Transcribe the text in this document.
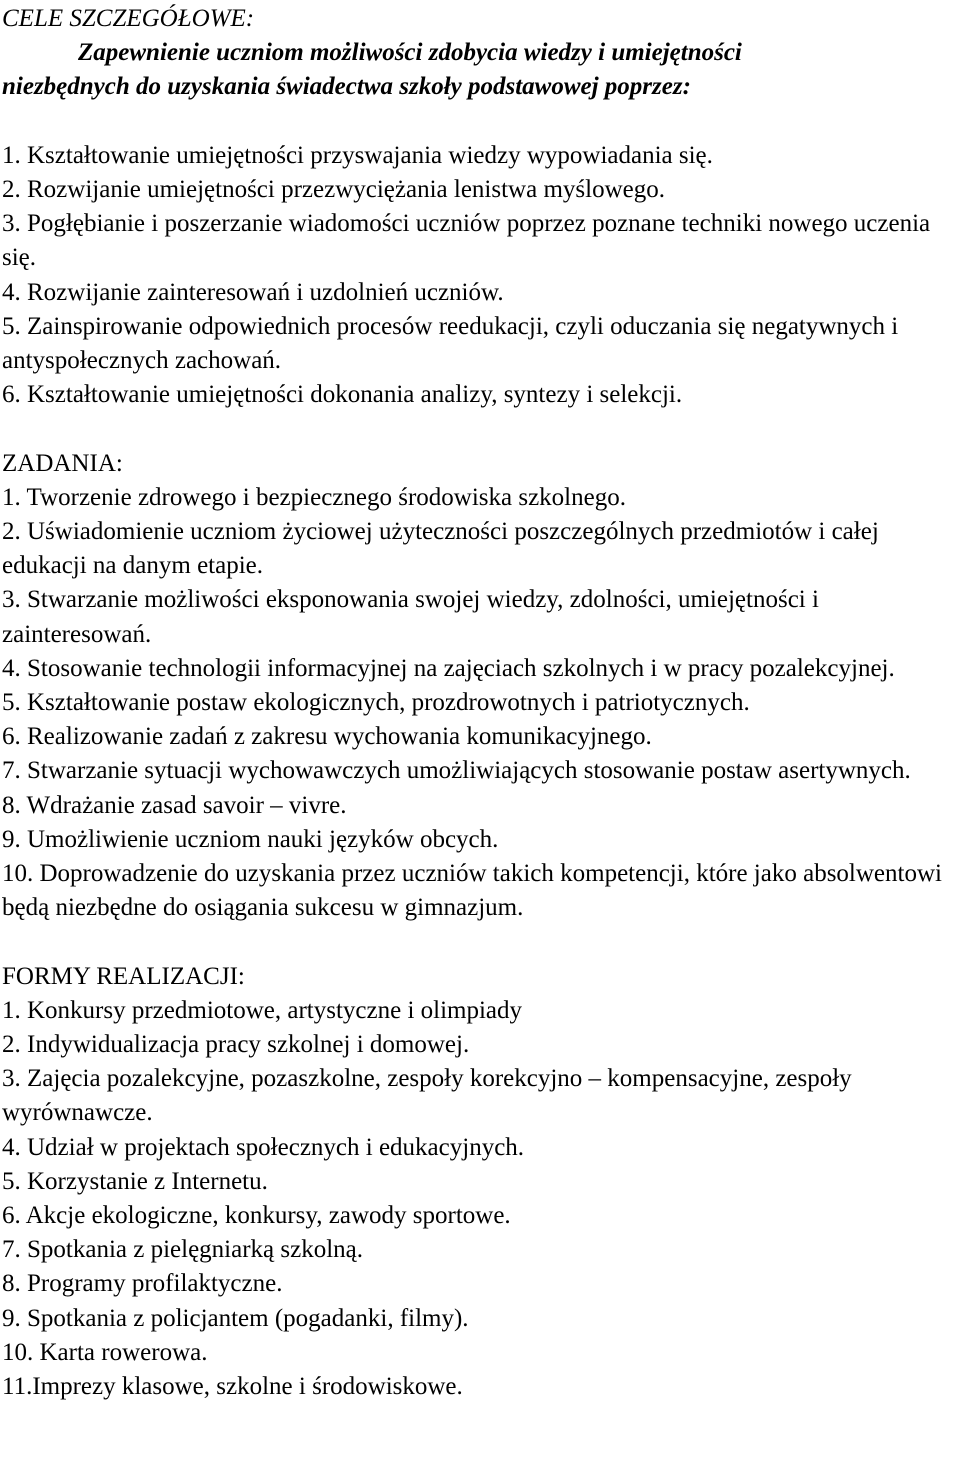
CELE SZCZEGÓŁOWE:
Zapewnienie uczniom możliwości zdobycia wiedzy i umiejętności
niezbędnych do uzyskania świadectwa szkoły podstawowej poprzez:
1. Kształtowanie umiejętności przyswajania wiedzy wypowiadania się.
2. Rozwijanie umiejętności przezwyciężania lenistwa myślowego.
3. Pogłębianie i poszerzanie wiadomości uczniów poprzez poznane techniki nowego uczenia się.
4. Rozwijanie zainteresowań i uzdolnień uczniów.
5. Zainspirowanie odpowiednich procesów reedukacji, czyli oduczania się negatywnych i antyspołecznych zachowań.
6. Kształtowanie umiejętności dokonania analizy, syntezy i selekcji.
ZADANIA:
1. Tworzenie zdrowego i bezpiecznego środowiska szkolnego.
2. Uświadomienie uczniom życiowej użyteczności poszczególnych przedmiotów i całej edukacji na danym etapie.
3. Stwarzanie możliwości eksponowania swojej wiedzy, zdolności, umiejętności i zainteresowań.
4. Stosowanie technologii informacyjnej na zajęciach szkolnych i w pracy pozalekcyjnej.
5. Kształtowanie postaw ekologicznych, prozdrowotnych i patriotycznych.
6. Realizowanie zadań z zakresu wychowania komunikacyjnego.
7. Stwarzanie sytuacji wychowawczych umożliwiających stosowanie postaw asertywnych.
8. Wdrażanie zasad savoir – vivre.
9. Umożliwienie uczniom nauki języków obcych.
10. Doprowadzenie do uzyskania przez uczniów takich kompetencji, które jako absolwentowi będą niezbędne do osiągania sukcesu w gimnazjum.
FORMY REALIZACJI:
1. Konkursy przedmiotowe, artystyczne i olimpiady
2. Indywidualizacja pracy szkolnej i domowej.
3. Zajęcia pozalekcyjne, pozaszkolne, zespoły korekcyjno – kompensacyjne, zespoły wyrównawcze.
4. Udział w projektach społecznych i edukacyjnych.
5. Korzystanie z Internetu.
6. Akcje ekologiczne, konkursy, zawody sportowe.
7. Spotkania z pielęgniarką szkolną.
8. Programy profilaktyczne.
9. Spotkania z policjantem (pogadanki, filmy).
10. Karta rowerowa.
11.Imprezy klasowe, szkolne i środowiskowe.
